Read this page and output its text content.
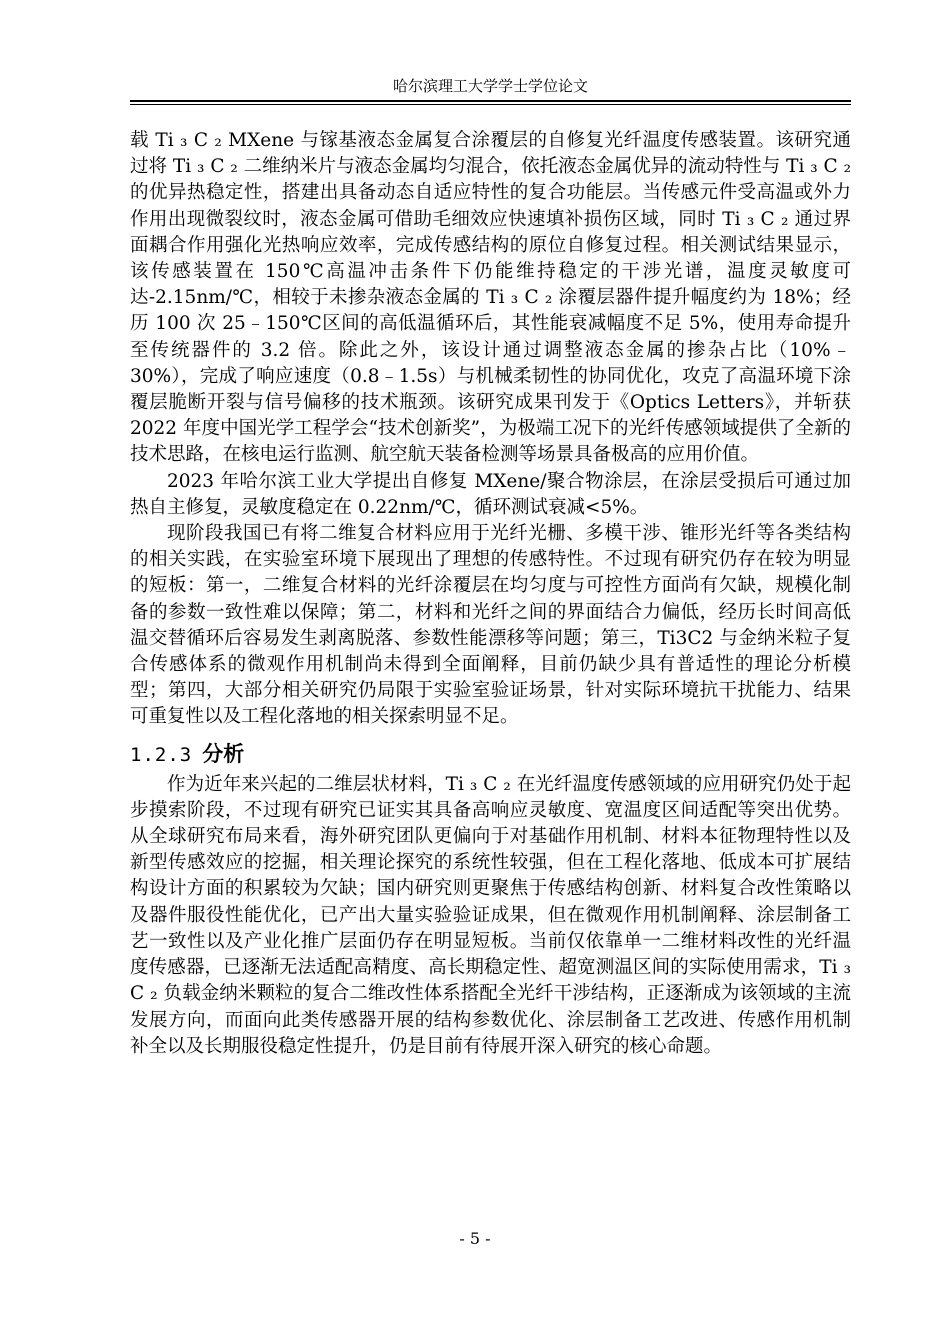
哈尔滨理工大学学士学位论文

载 Ti ₃ C ₂ MXene 与镓基液态金属复合涂覆层的自修复光纤温度传感装置。该研究通过将 Ti ₃ C ₂ 二维纳米片与液态金属均匀混合，依托液态金属优异的流动特性与 Ti ₃ C ₂ 的优异热稳定性，搭建出具备动态自适应特性的复合功能层。当传感元件受高温或外力作用出现微裂纹时，液态金属可借助毛细效应快速填补损伤区域，同时 Ti ₃ C ₂ 通过界面耦合作用强化光热响应效率，完成传感结构的原位自修复过程。相关测试结果显示，该传感装置在 150℃高温冲击条件下仍能维持稳定的干涉光谱，温度灵敏度可达-2.15nm/℃，相较于未掺杂液态金属的 Ti ₃ C ₂ 涂覆层器件提升幅度约为 18%；经历 100 次 25﹣150℃区间的高低温循环后，其性能衰减幅度不足 5%，使用寿命提升至传统器件的 3.2 倍。除此之外，该设计通过调整液态金属的掺杂占比（10%﹣30%），完成了响应速度（0.8﹣1.5s）与机械柔韧性的协同优化，攻克了高温环境下涂覆层脆断开裂与信号偏移的技术瓶颈。该研究成果刊发于《Optics Letters》，并斩获 2022 年度中国光学工程学会“技术创新奖”，为极端工况下的光纤传感领域提供了全新的技术思路，在核电运行监测、航空航天装备检测等场景具备极高的应用价值。

2023 年哈尔滨工业大学提出自修复 MXene/聚合物涂层，在涂层受损后可通过加热自主修复，灵敏度稳定在 0.22nm/℃，循环测试衰减<5%。

现阶段我国已有将二维复合材料应用于光纤光栅、多模干涉、锥形光纤等各类结构的相关实践，在实验室环境下展现出了理想的传感特性。不过现有研究仍存在较为明显的短板：第一，二维复合材料的光纤涂覆层在均匀度与可控性方面尚有欠缺，规模化制备的参数一致性难以保障；第二，材料和光纤之间的界面结合力偏低，经历长时间高低温交替循环后容易发生剥离脱落、参数性能漂移等问题；第三，Ti3C2 与金纳米粒子复合传感体系的微观作用机制尚未得到全面阐释，目前仍缺少具有普适性的理论分析模型；第四，大部分相关研究仍局限于实验室验证场景，针对实际环境抗干扰能力、结果可重复性以及工程化落地的相关探索明显不足。

1.2.3 分析

作为近年来兴起的二维层状材料，Ti ₃ C ₂ 在光纤温度传感领域的应用研究仍处于起步摸索阶段，不过现有研究已证实其具备高响应灵敏度、宽温度区间适配等突出优势。从全球研究布局来看，海外研究团队更偏向于对基础作用机制、材料本征物理特性以及新型传感效应的挖掘，相关理论探究的系统性较强，但在工程化落地、低成本可扩展结构设计方面的积累较为欠缺；国内研究则更聚焦于传感结构创新、材料复合改性策略以及器件服役性能优化，已产出大量实验验证成果，但在微观作用机制阐释、涂层制备工艺一致性以及产业化推广层面仍存在明显短板。当前仅依靠单一二维材料改性的光纤温度传感器，已逐渐无法适配高精度、高长期稳定性、超宽测温区间的实际使用需求，Ti ₃ C ₂ 负载金纳米颗粒的复合二维改性体系搭配全光纤干涉结构，正逐渐成为该领域的主流发展方向，而面向此类传感器开展的结构参数优化、涂层制备工艺改进、传感作用机制补全以及长期服役稳定性提升，仍是目前有待展开深入研究的核心命题。

- 5 -
